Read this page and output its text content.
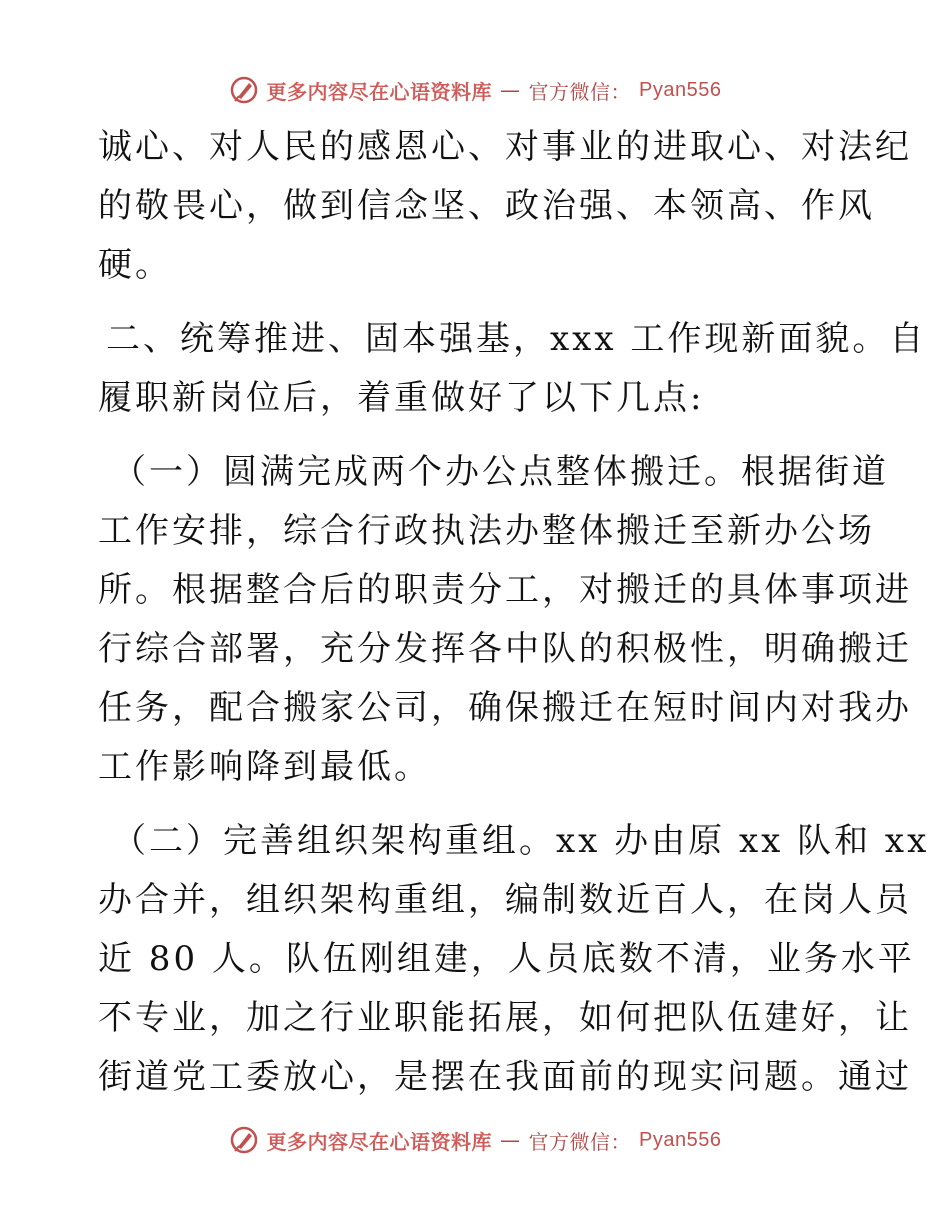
更多内容尽在心语资料库 — 官方微信： Pyan556
诚心、对人民的感恩心、对事业的进取心、对法纪
的敬畏心，做到信念坚、政治强、本领高、作风
硬。
二、统筹推进、固本强基，xxx 工作现新面貌。自
履职新岗位后，着重做好了以下几点:
（一）圆满完成两个办公点整体搬迁。根据街道
工作安排，综合行政执法办整体搬迁至新办公场
所。根据整合后的职责分工，对搬迁的具体事项进
行综合部署，充分发挥各中队的积极性，明确搬迁
任务，配合搬家公司，确保搬迁在短时间内对我办
工作影响降到最低。
（二）完善组织架构重组。xx 办由原 xx 队和 xx
办合并，组织架构重组，编制数近百人，在岗人员
近 80 人。队伍刚组建，人员底数不清，业务水平
不专业，加之行业职能拓展，如何把队伍建好，让
街道党工委放心，是摆在我面前的现实问题。通过
更多内容尽在心语资料库 — 官方微信： Pyan556
